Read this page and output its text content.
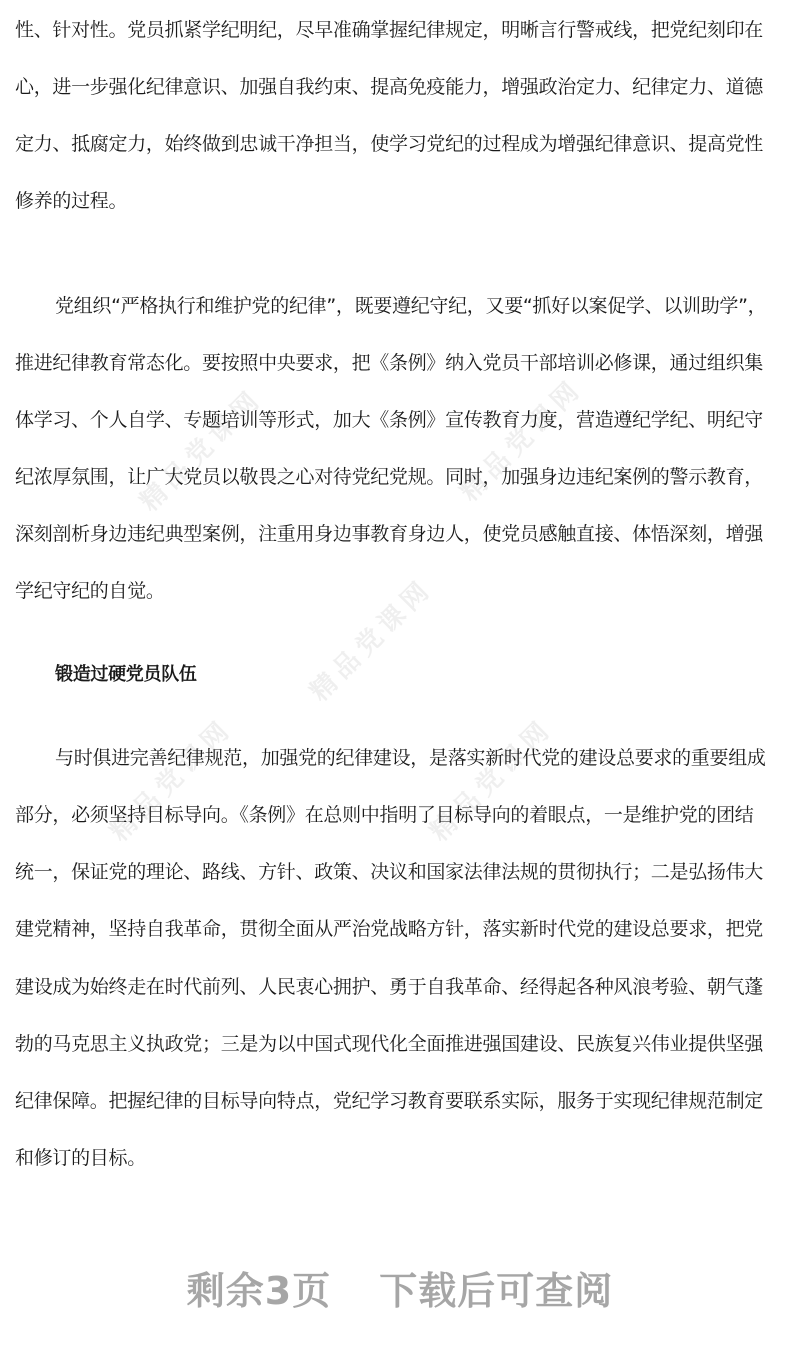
精品党课网	精品党课网
精品党课网
精品党课网	精品党课网
性、针对性。党员抓紧学纪明纪，尽早准确掌握纪律规定，明晰言行警戒线，把党纪刻印在
心，进一步强化纪律意识、加强自我约束、提高免疫能力，增强政治定力、纪律定力、道德
定力、抵腐定力，始终做到忠诚干净担当，使学习党纪的过程成为增强纪律意识、提高党性
修养的过程。
党组织“严格执行和维护党的纪律”，既要遵纪守纪，又要“抓好以案促学、以训助学”，
推进纪律教育常态化。要按照中央要求，把《条例》纳入党员干部培训必修课，通过组织集
体学习、个人自学、专题培训等形式，加大《条例》宣传教育力度，营造遵纪学纪、明纪守
纪浓厚氛围，让广大党员以敬畏之心对待党纪党规。同时，加强身边违纪案例的警示教育，
深刻剖析身边违纪典型案例，注重用身边事教育身边人，使党员感触直接、体悟深刻，增强
学纪守纪的自觉。
锻造过硬党员队伍
与时俱进完善纪律规范，加强党的纪律建设，是落实新时代党的建设总要求的重要组成
部分，必须坚持目标导向。《条例》在总则中指明了目标导向的着眼点，一是维护党的团结
统一，保证党的理论、路线、方针、政策、决议和国家法律法规的贯彻执行；二是弘扬伟大
建党精神，坚持自我革命，贯彻全面从严治党战略方针，落实新时代党的建设总要求，把党
建设成为始终走在时代前列、人民衷心拥护、勇于自我革命、经得起各种风浪考验、朝气蓬
勃的马克思主义执政党；三是为以中国式现代化全面推进强国建设、民族复兴伟业提供坚强
纪律保障。把握纪律的目标导向特点，党纪学习教育要联系实际，服务于实现纪律规范制定
和修订的目标。
剩余3页 下载后可查阅
